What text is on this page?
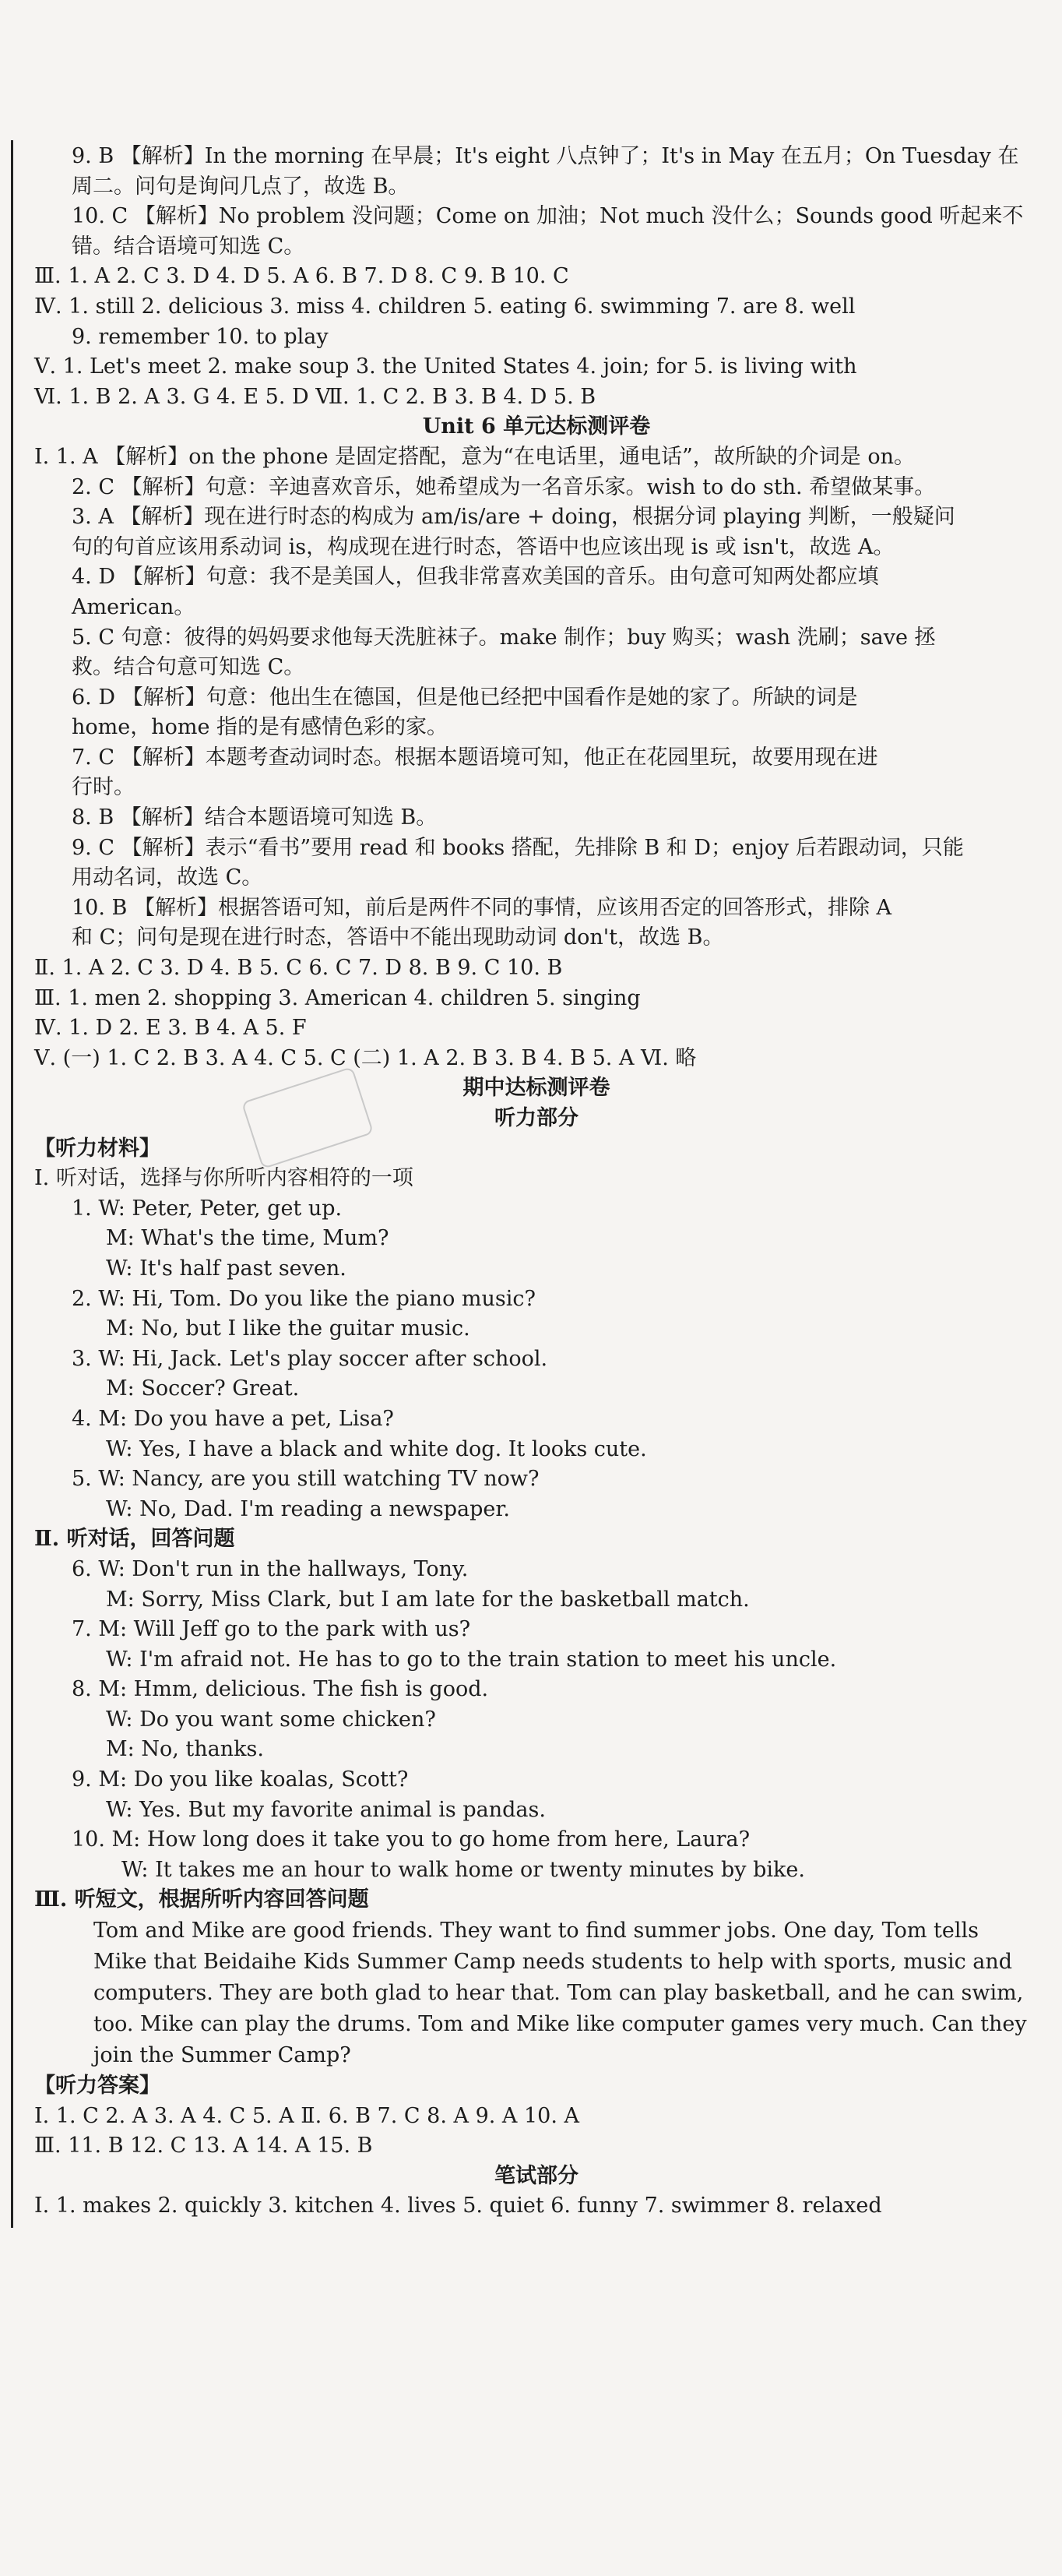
9. B 【解析】In the morning 在早晨；It's eight 八点钟了；It's in May 在五月；On Tuesday 在
周二。问句是询问几点了，故选 B。
10. C 【解析】No problem 没问题；Come on 加油；Not much 没什么；Sounds good 听起来不
错。结合语境可知选 C。
Ⅲ. 1. A 2. C 3. D 4. D 5. A 6. B 7. D 8. C 9. B 10. C
Ⅳ. 1. still 2. delicious 3. miss 4. children 5. eating 6. swimming 7. are 8. well
9. remember 10. to play
Ⅴ. 1. Let's meet 2. make soup 3. the United States 4. join; for 5. is living with
Ⅵ. 1. B 2. A 3. G 4. E 5. D Ⅶ. 1. C 2. B 3. B 4. D 5. B
Unit 6 单元达标测评卷
Ⅰ. 1. A 【解析】on the phone 是固定搭配，意为“在电话里，通电话”，故所缺的介词是 on。
2. C 【解析】句意：辛迪喜欢音乐，她希望成为一名音乐家。wish to do sth. 希望做某事。
3. A 【解析】现在进行时态的构成为 am/is/are + doing，根据分词 playing 判断，一般疑问
句的句首应该用系动词 is，构成现在进行时态，答语中也应该出现 is 或 isn't，故选 A。
4. D 【解析】句意：我不是美国人，但我非常喜欢美国的音乐。由句意可知两处都应填
American。
5. C 句意：彼得的妈妈要求他每天洗脏袜子。make 制作；buy 购买；wash 洗刷；save 拯
救。结合句意可知选 C。
6. D 【解析】句意：他出生在德国，但是他已经把中国看作是她的家了。所缺的词是
home，home 指的是有感情色彩的家。
7. C 【解析】本题考查动词时态。根据本题语境可知，他正在花园里玩，故要用现在进
行时。
8. B 【解析】结合本题语境可知选 B。
9. C 【解析】表示“看书”要用 read 和 books 搭配，先排除 B 和 D；enjoy 后若跟动词，只能
用动名词，故选 C。
10. B 【解析】根据答语可知，前后是两件不同的事情，应该用否定的回答形式，排除 A
和 C；问句是现在进行时态，答语中不能出现助动词 don't，故选 B。
Ⅱ. 1. A 2. C 3. D 4. B 5. C 6. C 7. D 8. B 9. C 10. B
Ⅲ. 1. men 2. shopping 3. American 4. children 5. singing
Ⅳ. 1. D 2. E 3. B 4. A 5. F
Ⅴ. (一) 1. C 2. B 3. A 4. C 5. C (二) 1. A 2. B 3. B 4. B 5. A Ⅵ. 略
期中达标测评卷
听力部分
【听力材料】
Ⅰ. 听对话，选择与你所听内容相符的一项
1. W: Peter, Peter, get up.
M: What's the time, Mum?
W: It's half past seven.
2. W: Hi, Tom. Do you like the piano music?
M: No, but I like the guitar music.
3. W: Hi, Jack. Let's play soccer after school.
M: Soccer? Great.
4. M: Do you have a pet, Lisa?
W: Yes, I have a black and white dog. It looks cute.
5. W: Nancy, are you still watching TV now?
W: No, Dad. I'm reading a newspaper.
Ⅱ. 听对话，回答问题
6. W: Don't run in the hallways, Tony.
M: Sorry, Miss Clark, but I am late for the basketball match.
7. M: Will Jeff go to the park with us?
W: I'm afraid not. He has to go to the train station to meet his uncle.
8. M: Hmm, delicious. The fish is good.
W: Do you want some chicken?
M: No, thanks.
9. M: Do you like koalas, Scott?
W: Yes. But my favorite animal is pandas.
10. M: How long does it take you to go home from here, Laura?
W: It takes me an hour to walk home or twenty minutes by bike.
Ⅲ. 听短文，根据所听内容回答问题
Tom and Mike are good friends. They want to find summer jobs. One day, Tom tells Mike that Beidaihe Kids Summer Camp needs students to help with sports, music and computers. They are both glad to hear that. Tom can play basketball, and he can swim, too. Mike can play the drums. Tom and Mike like computer games very much. Can they join the Summer Camp?
【听力答案】
Ⅰ. 1. C 2. A 3. A 4. C 5. A Ⅱ. 6. B 7. C 8. A 9. A 10. A
Ⅲ. 11. B 12. C 13. A 14. A 15. B
笔试部分
Ⅰ. 1. makes 2. quickly 3. kitchen 4. lives 5. quiet 6. funny 7. swimmer 8. relaxed
